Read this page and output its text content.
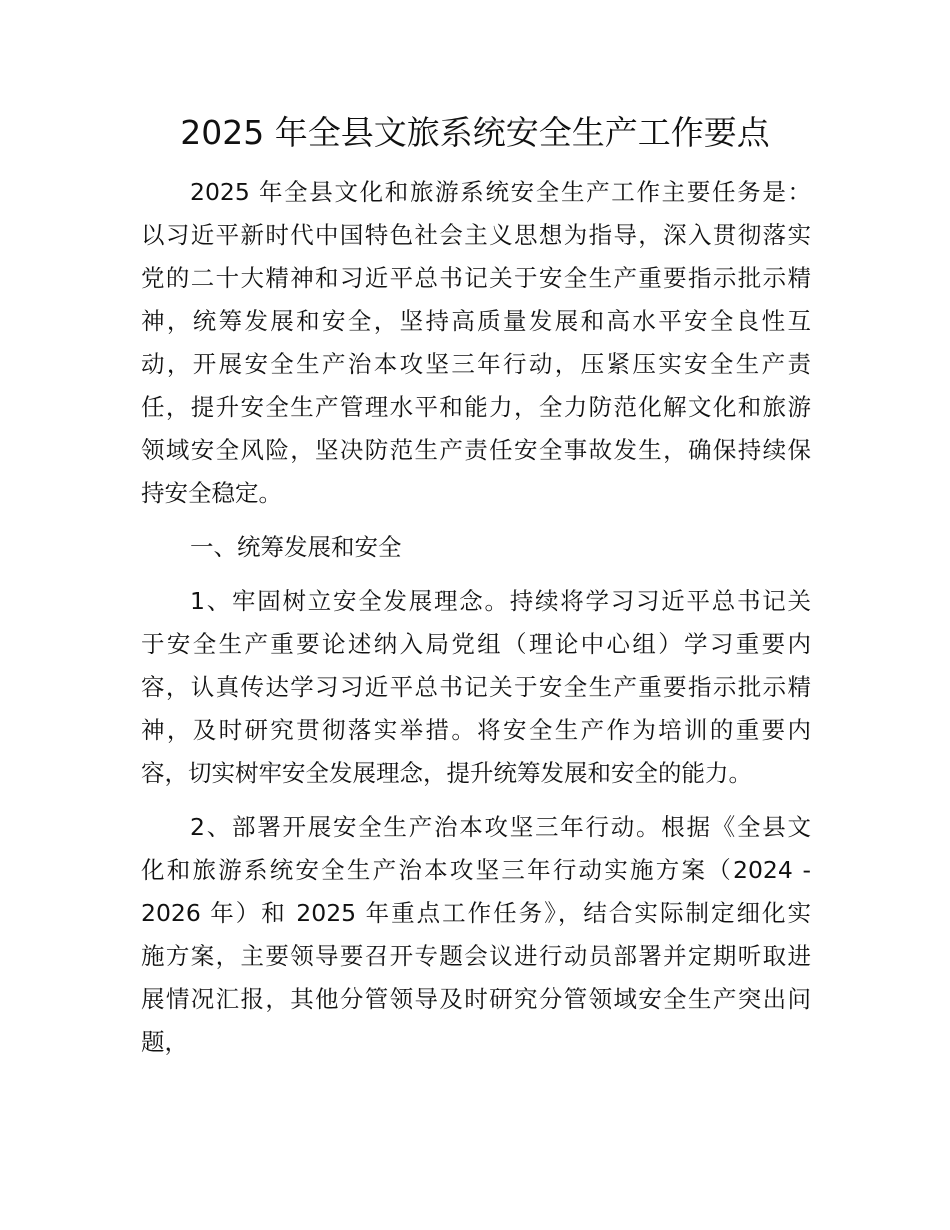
2025 年全县文旅系统安全生产工作要点
2025 年全县文化和旅游系统安全生产工作主要任务是：
以习近平新时代中国特色社会主义思想为指导，深入贯彻落实
党的二十大精神和习近平总书记关于安全生产重要指示批示精
神，统筹发展和安全，坚持高质量发展和高水平安全良性互
动，开展安全生产治本攻坚三年行动，压紧压实安全生产责
任，提升安全生产管理水平和能力，全力防范化解文化和旅游
领域安全风险，坚决防范生产责任安全事故发生，确保持续保
持安全稳定。
一、统筹发展和安全
1、牢固树立安全发展理念。持续将学习习近平总书记关
于安全生产重要论述纳入局党组（理论中心组）学习重要内
容，认真传达学习习近平总书记关于安全生产重要指示批示精
神，及时研究贯彻落实举措。将安全生产作为培训的重要内
容，切实树牢安全发展理念，提升统筹发展和安全的能力。
2、部署开展安全生产治本攻坚三年行动。根据《全县文
化和旅游系统安全生产治本攻坚三年行动实施方案（2024 -
2026 年）和 2025 年重点工作任务》，结合实际制定细化实
施方案，主要领导要召开专题会议进行动员部署并定期听取进
展情况汇报，其他分管领导及时研究分管领域安全生产突出问
题，
